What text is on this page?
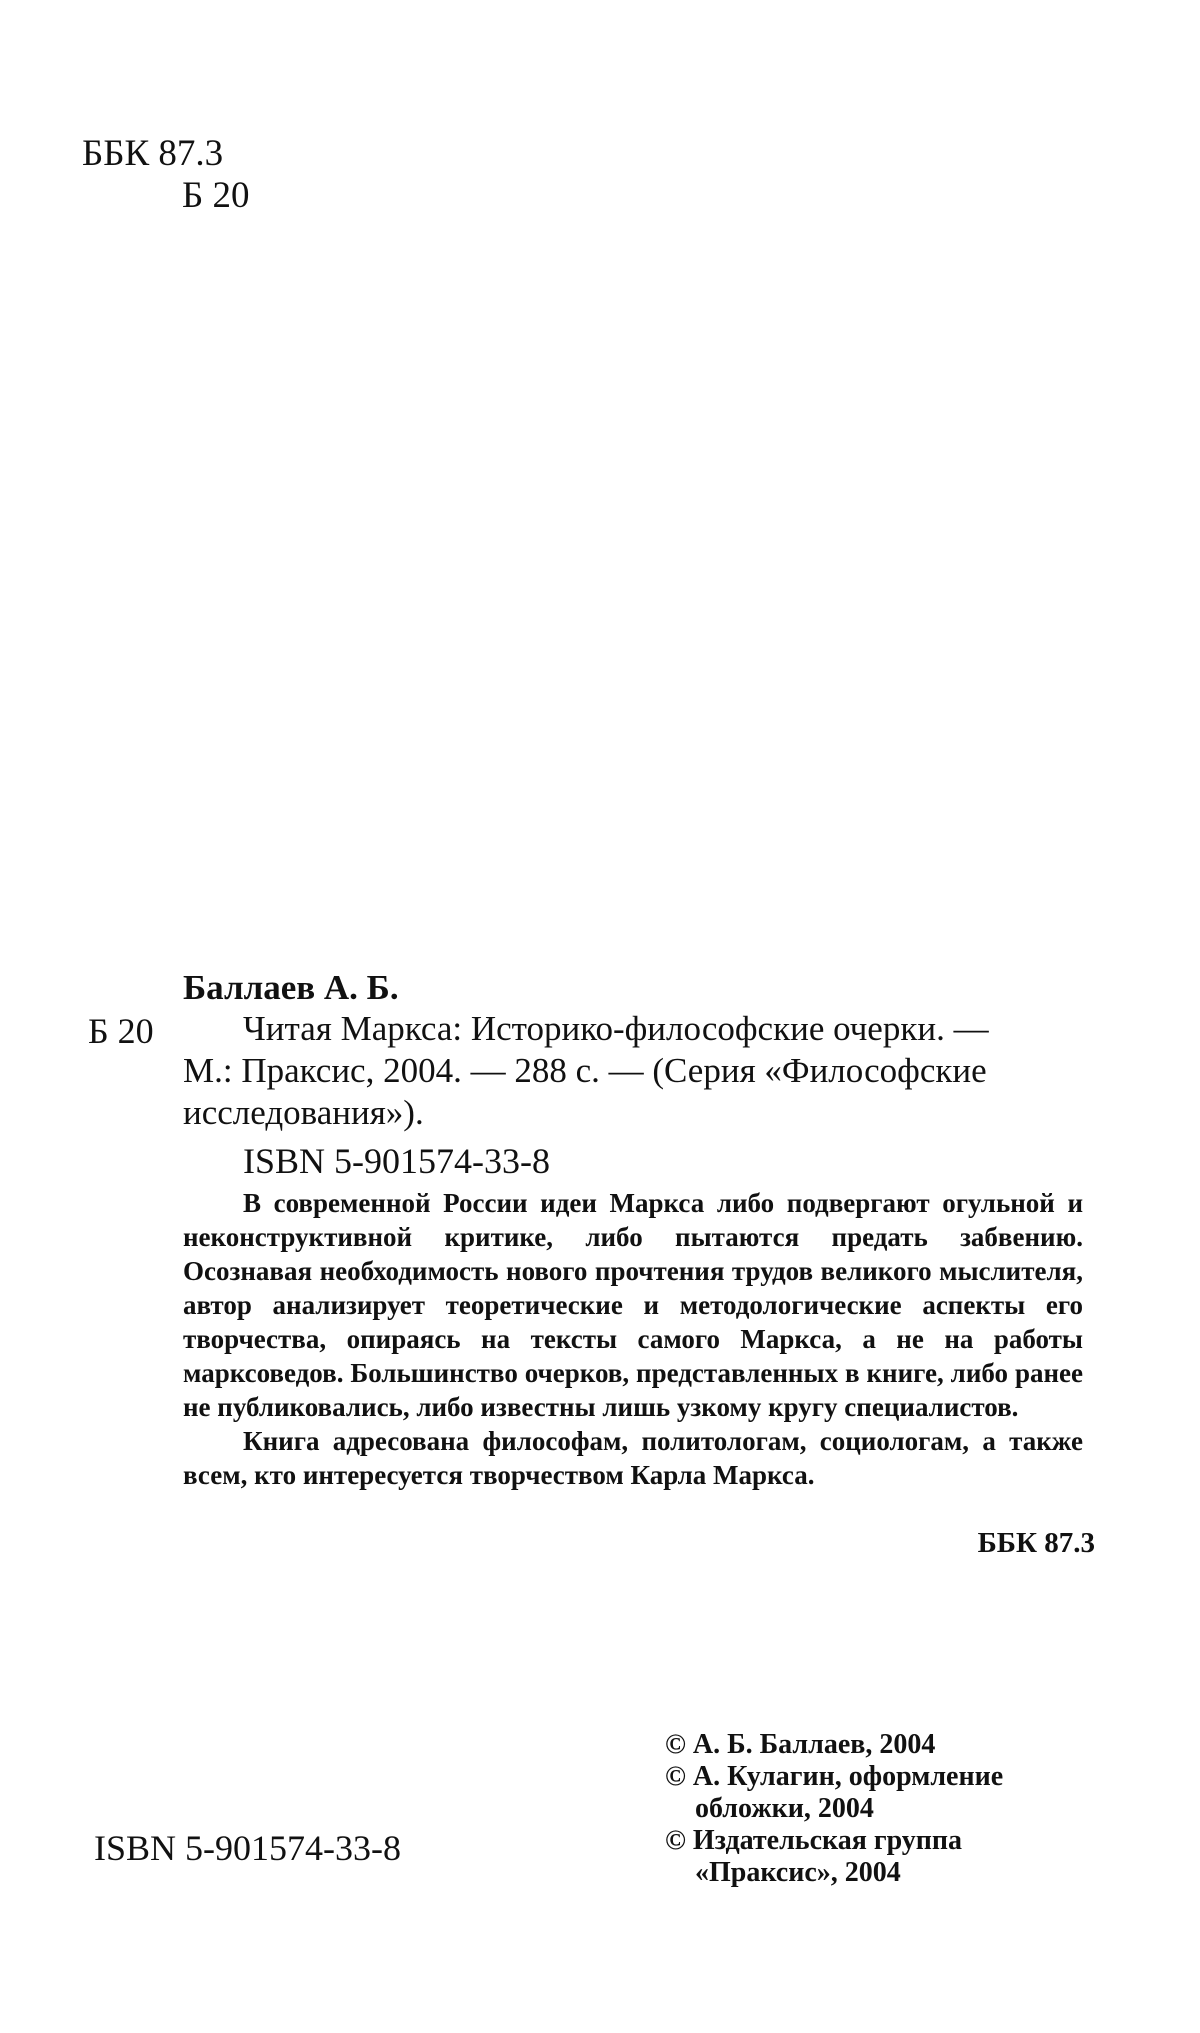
ББК 87.3
Б 20
Баллаев А. Б.
Б 20	Читая Маркса: Историко-философские очерки. — М.: Праксис, 2004. — 288 с. — (Серия «Философские исследования»).
ISBN 5-901574-33-8

В современной России идеи Маркса либо подвергают огульной и неконструктивной критике, либо пытаются предать забвению. Осознавая необходимость нового прочтения трудов великого мыслителя, автор анализирует теоретические и методологические аспекты его творчества, опираясь на тексты самого Маркса, а не на работы марксоведов. Большинство очерков, представленных в книге, либо ранее не публиковались, либо известны лишь узкому кругу специалистов.

Книга адресована философам, политологам, социологам, а также всем, кто интересуется творчеством Карла Маркса.

ББК 87.3
ISBN 5-901574-33-8
© А. Б. Баллаев, 2004
© А. Кулагин, оформление обложки, 2004
© Издательская группа «Праксис», 2004
